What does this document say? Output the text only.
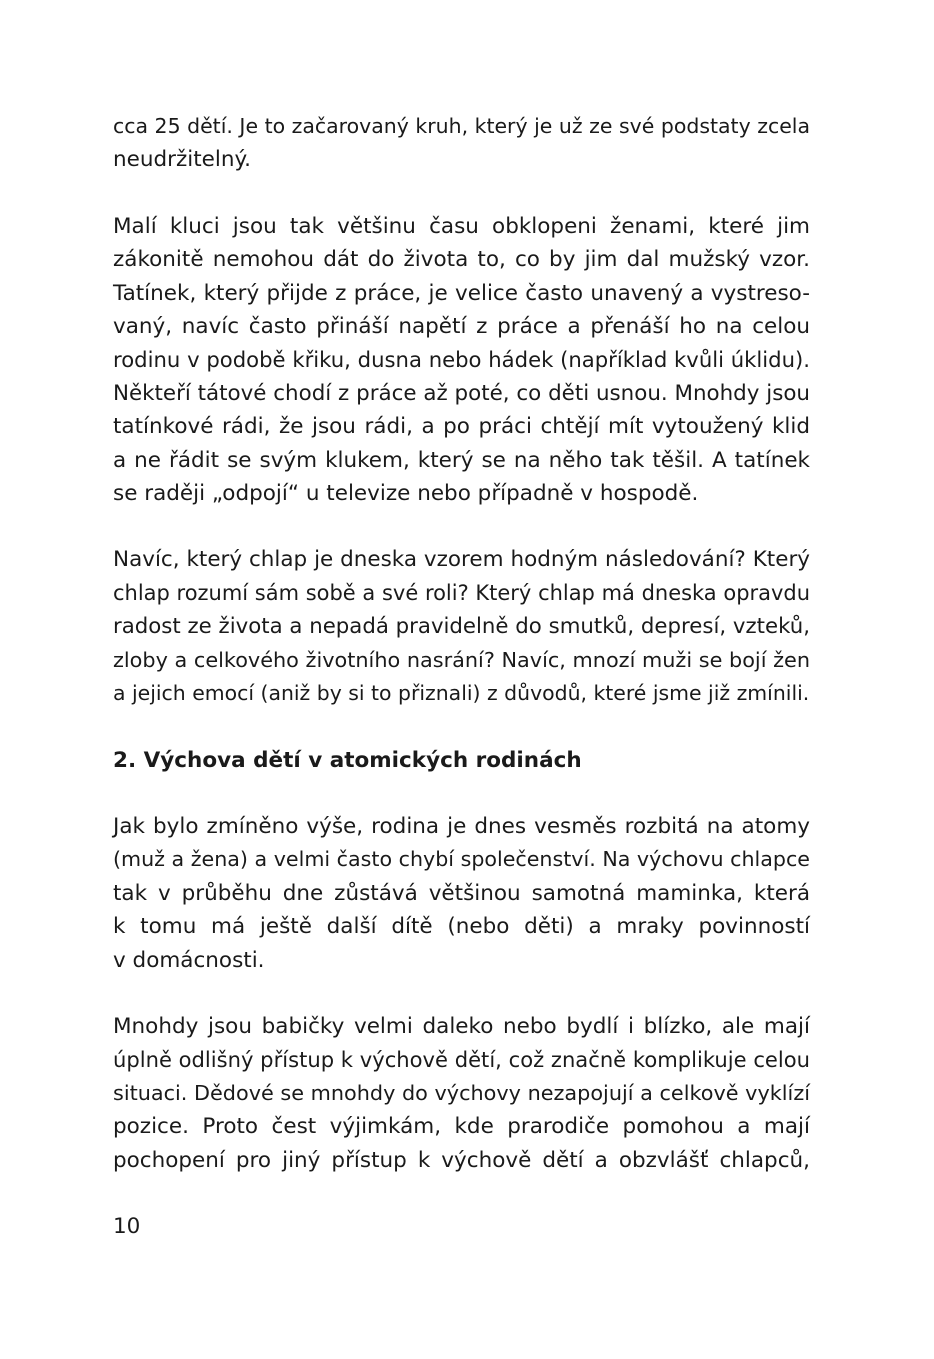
cca 25 dětí. Je to začarovaný kruh, který je už ze své podstaty zcela
neudržitelný.
Malí kluci jsou tak většinu času obklopeni ženami, které jim
zákonitě nemohou dát do života to, co by jim dal mužský vzor.
Tatínek, který přijde z práce, je velice často unavený a vystreso-
vaný, navíc často přináší napětí z práce a přenáší ho na celou
rodinu v podobě křiku, dusna nebo hádek (například kvůli úklidu).
Někteří tátové chodí z práce až poté, co děti usnou. Mnohdy jsou
tatínkové rádi, že jsou rádi, a po práci chtějí mít vytoužený klid
a ne řádit se svým klukem, který se na něho tak těšil. A tatínek
se raději „odpojí“ u televize nebo případně v hospodě.
Navíc, který chlap je dneska vzorem hodným následování? Který
chlap rozumí sám sobě a své roli? Který chlap má dneska opravdu
radost ze života a nepadá pravidelně do smutků, depresí, vzteků,
zloby a celkového životního nasrání? Navíc, mnozí muži se bojí žen
a jejich emocí (aniž by si to přiznali) z důvodů, které jsme již zmínili.
2. Výchova dětí v atomických rodinách
Jak bylo zmíněno výše, rodina je dnes vesměs rozbitá na atomy
(muž a žena) a velmi často chybí společenství. Na výchovu chlapce
tak v průběhu dne zůstává většinou samotná maminka, která
k tomu má ještě další dítě (nebo děti) a mraky povinností
v domácnosti.
Mnohdy jsou babičky velmi daleko nebo bydlí i blízko, ale mají
úplně odlišný přístup k výchově dětí, což značně komplikuje celou
situaci. Dědové se mnohdy do výchovy nezapojují a celkově vyklízí
pozice. Proto čest výjimkám, kde prarodiče pomohou a mají
pochopení pro jiný přístup k výchově dětí a obzvlášť chlapců,
10
